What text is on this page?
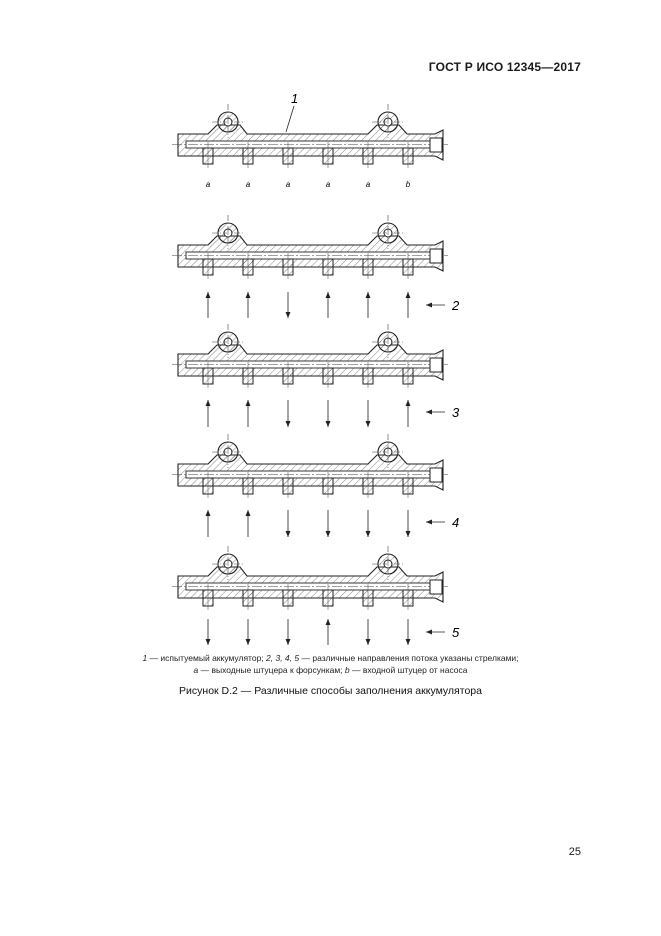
ГОСТ Р ИСО 12345—2017
1
a	a	a	a	a	b
2
3
4
5
1 — испытуемый аккумулятор; 2, 3, 4, 5 — различные направления потока указаны стрелками;
a — выходные штуцера к форсункам; b — входной штуцер от насоса
Рисунок D.2 — Различные способы заполнения аккумулятора
25
